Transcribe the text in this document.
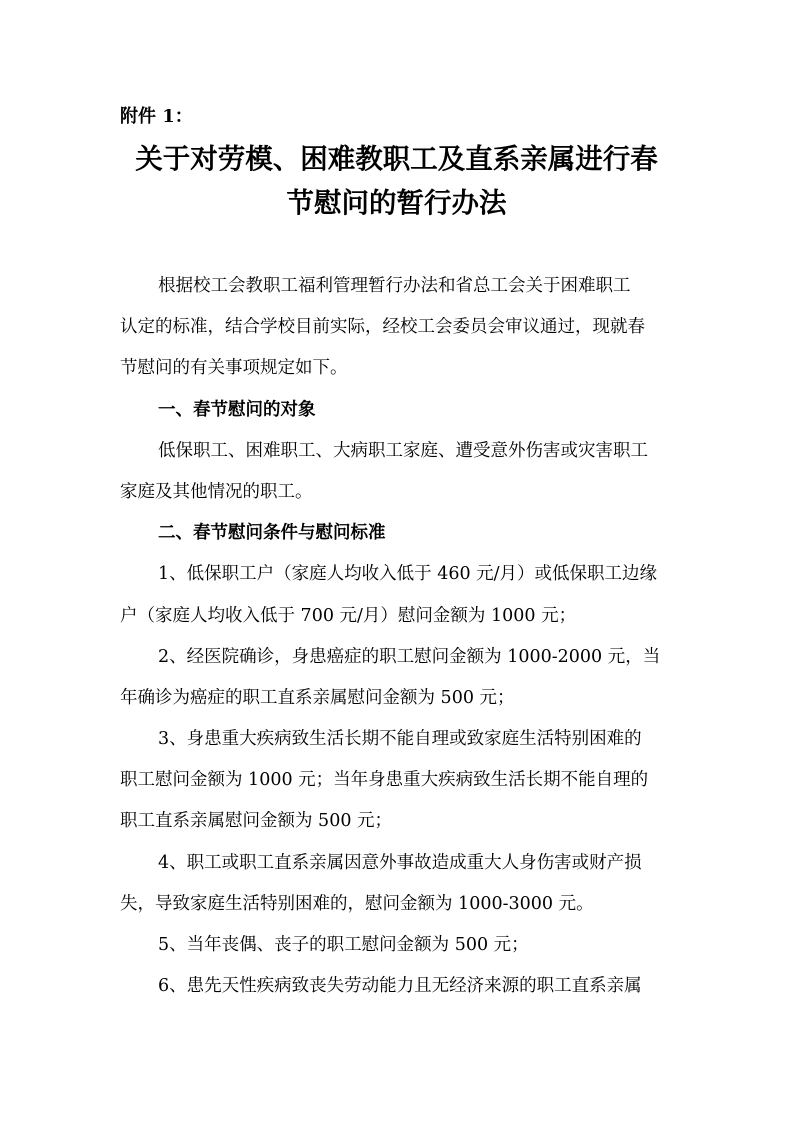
附件 1：
关于对劳模、困难教职工及直系亲属进行春
节慰问的暂行办法
根据校工会教职工福利管理暂行办法和省总工会关于困难职工
认定的标准，结合学校目前实际，经校工会委员会审议通过，现就春
节慰问的有关事项规定如下。
一、春节慰问的对象
低保职工、困难职工、大病职工家庭、遭受意外伤害或灾害职工
家庭及其他情况的职工。
二、春节慰问条件与慰问标准
1、低保职工户（家庭人均收入低于 460 元/月）或低保职工边缘
户（家庭人均收入低于 700 元/月）慰问金额为 1000 元；
2、经医院确诊，身患癌症的职工慰问金额为 1000-2000 元，当
年确诊为癌症的职工直系亲属慰问金额为 500 元；
3、身患重大疾病致生活长期不能自理或致家庭生活特别困难的
职工慰问金额为 1000 元；当年身患重大疾病致生活长期不能自理的
职工直系亲属慰问金额为 500 元；
4、职工或职工直系亲属因意外事故造成重大人身伤害或财产损
失，导致家庭生活特别困难的，慰问金额为 1000-3000 元。
5、当年丧偶、丧子的职工慰问金额为 500 元；
6、患先天性疾病致丧失劳动能力且无经济来源的职工直系亲属
